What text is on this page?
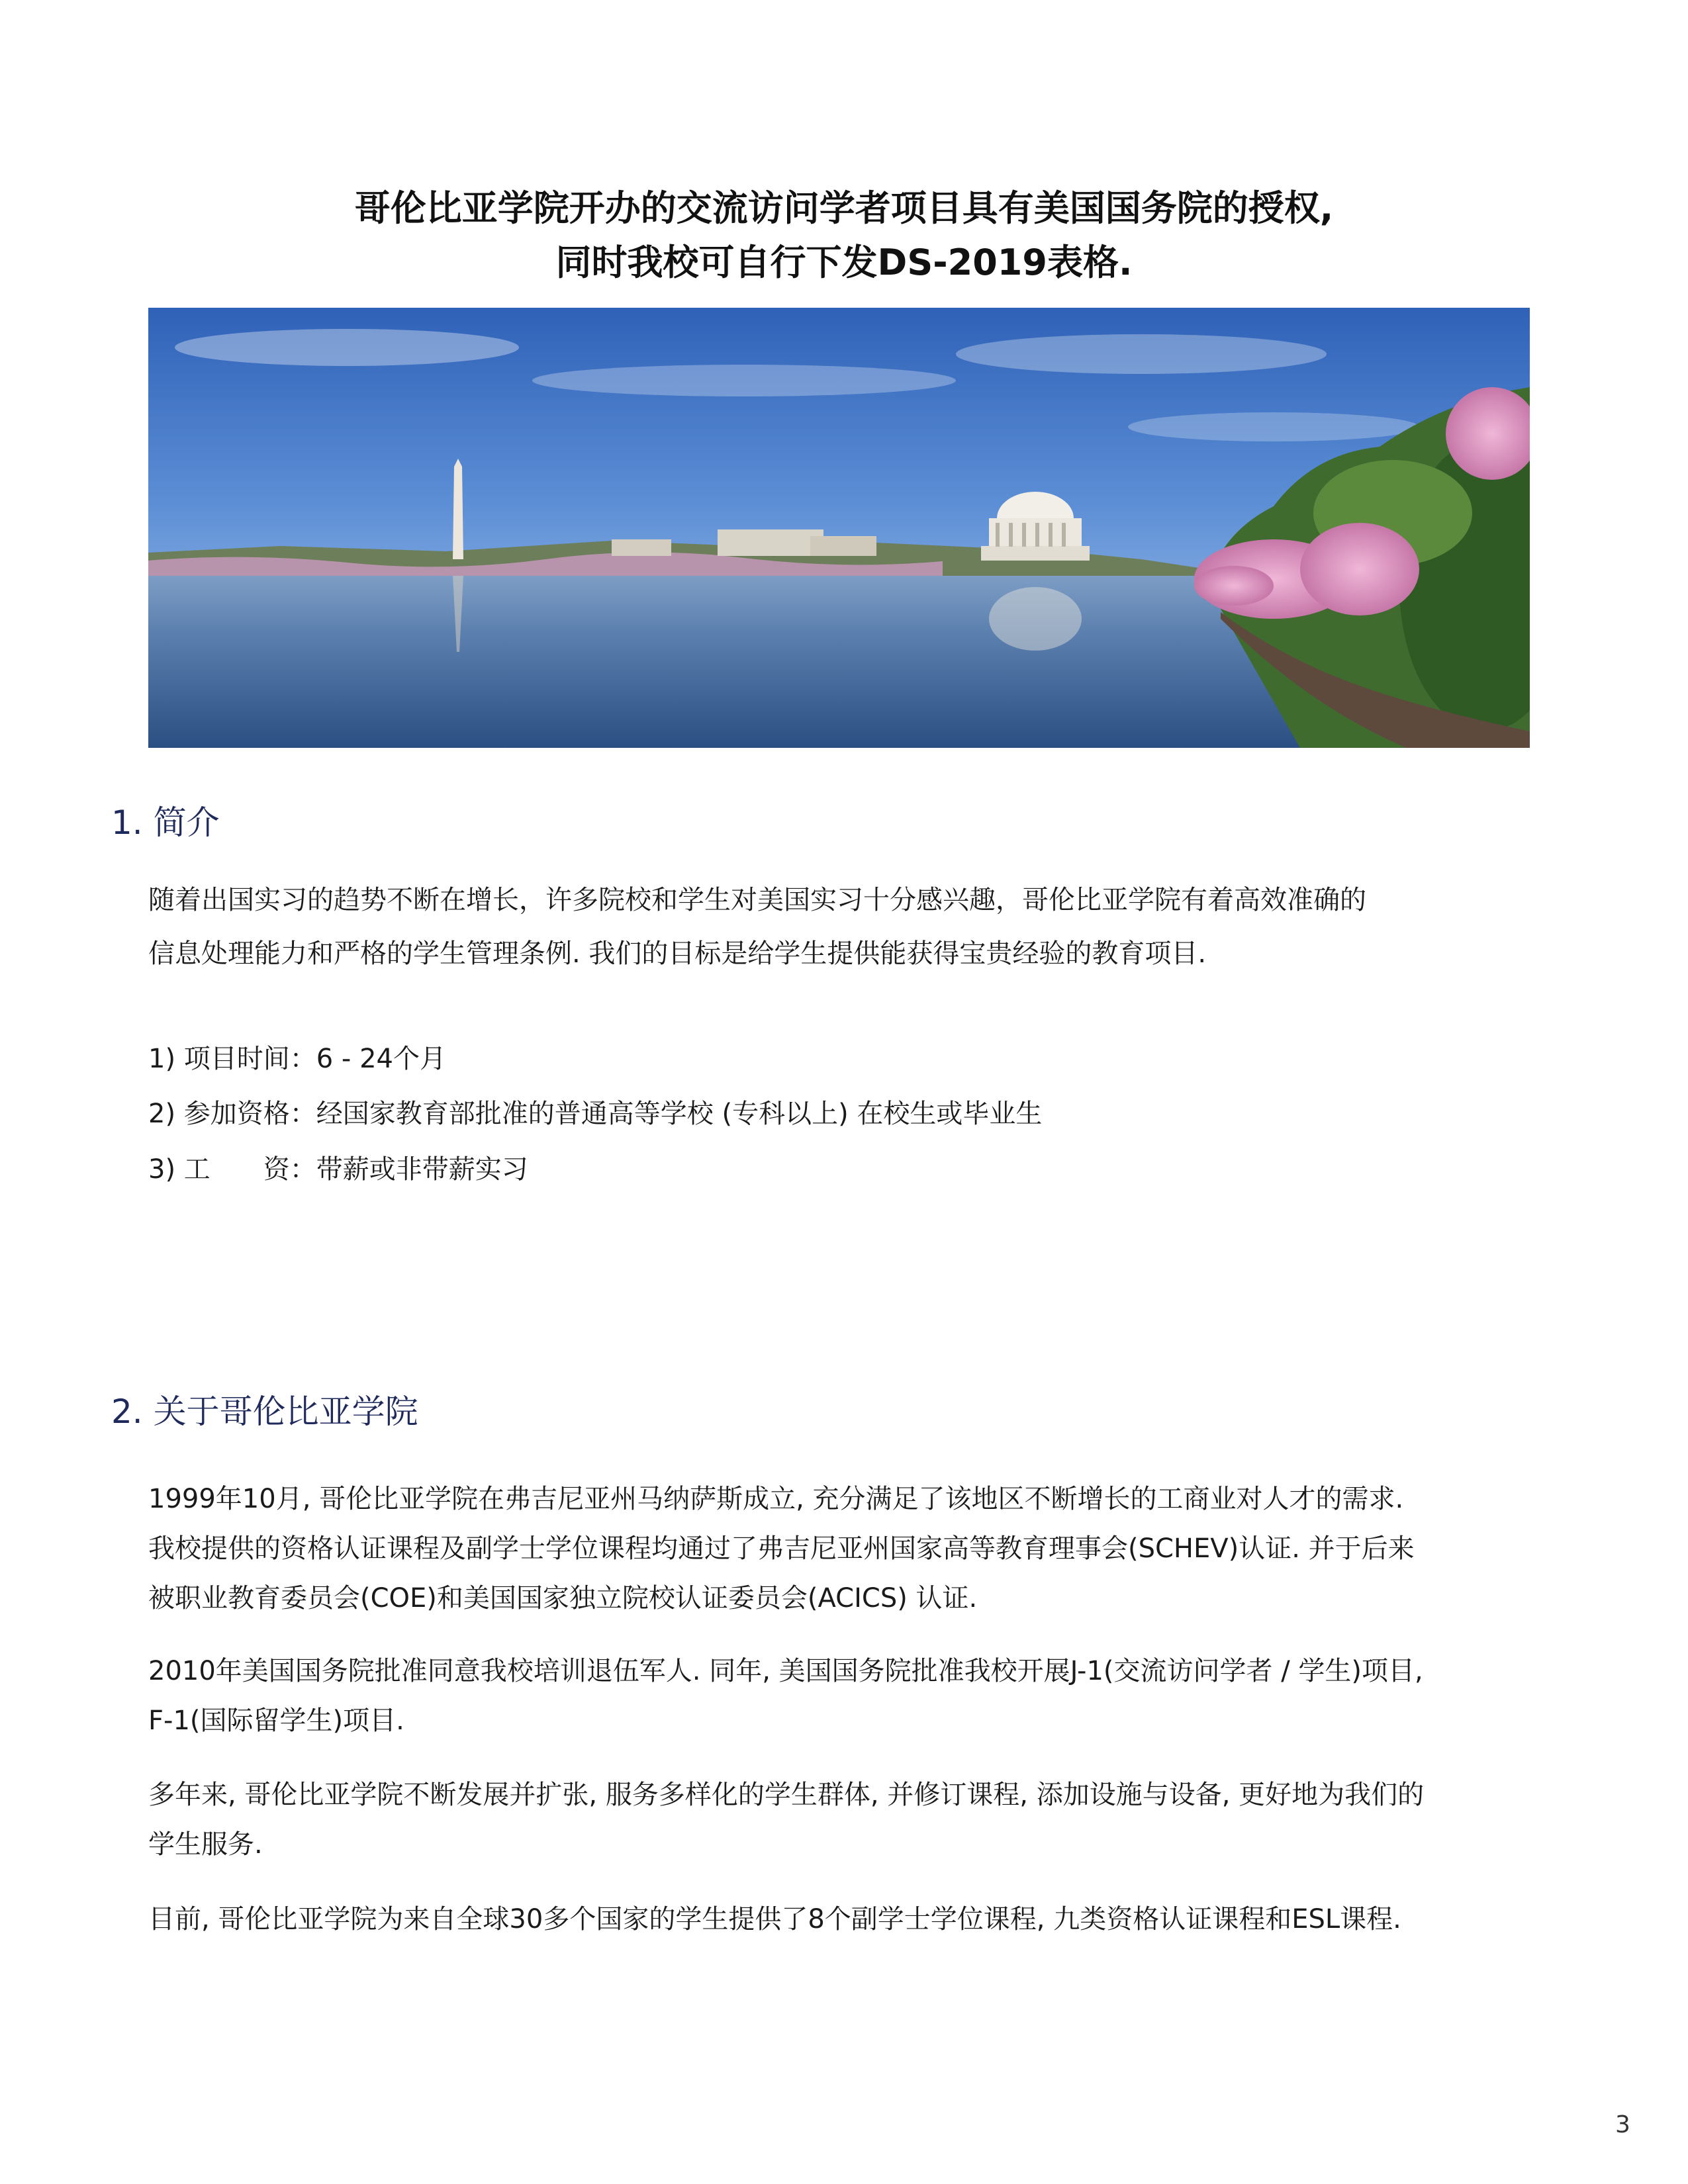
哥伦比亚学院开办的交流访问学者项目具有美国国务院的授权,
同时我校可自行下发DS-2019表格.
1. 简介
随着出国实习的趋势不断在增长，许多院校和学生对美国实习十分感兴趣，哥伦比亚学院有着高效准确的
信息处理能力和严格的学生管理条例. 我们的目标是给学生提供能获得宝贵经验的教育项目.
1) 项目时间：6 - 24个月
2) 参加资格：经国家教育部批准的普通高等学校 (专科以上) 在校生或毕业生
3) 工　　资：带薪或非带薪实习
2. 关于哥伦比亚学院
1999年10月, 哥伦比亚学院在弗吉尼亚州马纳萨斯成立, 充分满足了该地区不断增长的工商业对人才的需求.
我校提供的资格认证课程及副学士学位课程均通过了弗吉尼亚州国家高等教育理事会(SCHEV)认证. 并于后来
被职业教育委员会(COE)和美国国家独立院校认证委员会(ACICS) 认证.
2010年美国国务院批准同意我校培训退伍军人. 同年, 美国国务院批准我校开展J-1(交流访问学者 / 学生)项目,
F-1(国际留学生)项目.
多年来, 哥伦比亚学院不断发展并扩张, 服务多样化的学生群体, 并修订课程, 添加设施与设备, 更好地为我们的
学生服务.
目前, 哥伦比亚学院为来自全球30多个国家的学生提供了8个副学士学位课程, 九类资格认证课程和ESL课程.
3
